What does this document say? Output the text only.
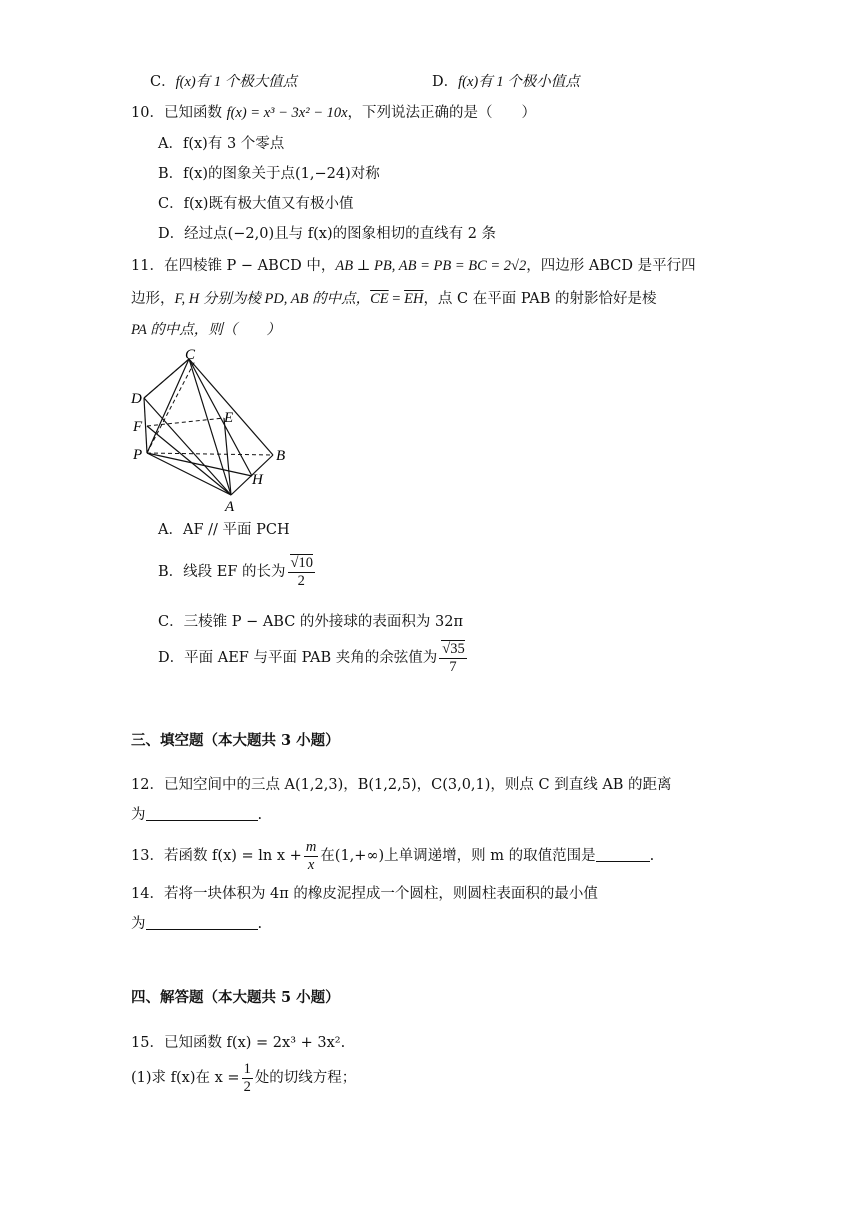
C．f(x)有 1 个极大值点	D．f(x)有 1 个极小值点
10．已知函数 f(x) = x³ − 3x² − 10x，下列说法正确的是（　　）
A．f(x)有 3 个零点
B．f(x)的图象关于点(1,−24)对称
C．f(x)既有极大值又有极小值
D．经过点(−2,0)且与 f(x)的图象相切的直线有 2 条
11．在四棱锥 P − ABCD 中，AB ⊥ PB, AB = PB = BC = 2√2，四边形 ABCD 是平行四
边形，F, H 分别为棱 PD, AB 的中点，$\overline{CE} = \overline{EH}$，点 C 在平面 PAB 的射影恰好是棱
PA 的中点，则（　　）
C
D
E
F
P	B
H
A
A．AF // 平面 PCH
B．线段 EF 的长为 $\frac{√10}{2}$
C．三棱锥 P − ABC 的外接球的表面积为 32π
D．平面 AEF 与平面 PAB 夹角的余弦值为 $\frac{√35}{7}$
三、填空题（本大题共 3 小题）
12．已知空间中的三点 A(1,2,3)，B(1,2,5)，C(3,0,1)，则点 C 到直线 AB 的距离
为	.
13．若函数 $f(x) = \ln x + \frac{m}{x}$ 在(1,+∞)上单调递增，则 m 的取值范围是	.
14．若将一块体积为 4π 的橡皮泥捏成一个圆柱，则圆柱表面积的最小值
为	.
四、解答题（本大题共 5 小题）
15．已知函数 f(x) = 2x³ + 3x².
(1)求 f(x)在 $x = \frac{1}{2}$ 处的切线方程；
